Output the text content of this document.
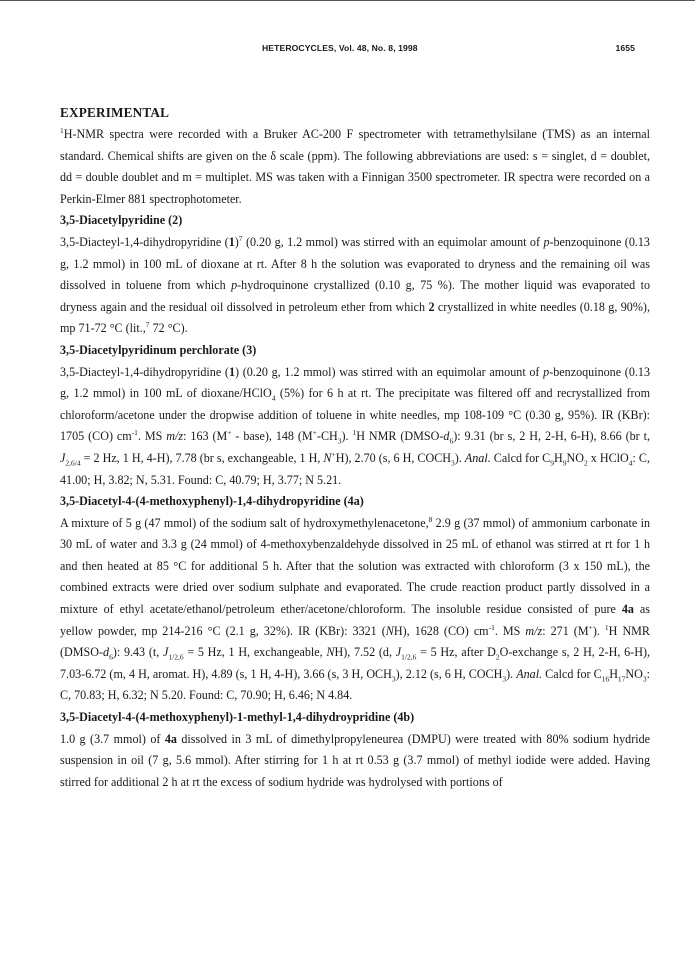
HETEROCYCLES, Vol. 48, No. 8, 1998	1655
EXPERIMENTAL

$^1$H-NMR spectra were recorded with a Bruker AC-200 F spectrometer with tetramethylsilane (TMS) as an internal standard. Chemical shifts are given on the δ scale (ppm). The following abbreviations are used: s = singlet, d = doublet, dd = double doublet and m = multiplet. MS was taken with a Finnigan 3500 spectrometer. IR spectra were recorded on a Perkin-Elmer 881 spectrophotometer.

3,5-Diacetylpyridine (2)

3,5-Diacteyl-1,4-dihydropyridine $(1)^7$ (0.20 g, 1.2 mmol) was stirred with an equimolar amount of p-benzoquinone (0.13 g, 1.2 mmol) in 100 mL of dioxane at rt. After 8 h the solution was evaporated to dryness and the remaining oil was dissolved in toluene from which p-hydroquinone crystallized (0.10 g, 75 %). The mother liquid was evaporated to dryness again and the residual oil dissolved in petroleum ether from which 2 crystallized in white needles (0.18 g, 90%), mp 71-72 °C (lit.,$^7$ 72 °C).

3,5-Diacetylpyridinum perchlorate (3)

3,5-Diacteyl-1,4-dihydropyridine (1) (0.20 g, 1.2 mmol) was stirred with an equimolar amount of p-benzoquinone (0.13 g, 1.2 mmol) in 100 mL of dioxane/HClO$_4$ (5%) for 6 h at rt. The precipitate was filtered off and recrystallized from chloroform/acetone under the dropwise addition of toluene in white needles, mp 108-109 °C (0.30 g, 95%). IR (KBr): 1705 (CO) $cm^{-1}$. MS m/z: 163 (M+ - base), 148 $(M^+-CH_3)$. $^1$H NMR $(DMSO-d_6)$: 9.31 (br s, 2 H, 2-H, 6-H), 8.66 (br t, $J_{2,6/4} = 2$ Hz, 1 H, 4-H), 7.78 (br s, exchangeable, 1 H, N+H), 2.70 (s, 6 H, $COCH_3$). Anal. Calcd for $C_9H_9NO_2$ x HClO$_4$: C, 41.00; H, 3.82; N, 5.31. Found: C, 40.79; H, 3.77; N 5.21.

3,5-Diacetyl-4-(4-methoxyphenyl)-1,4-dihydropyridine (4a)

A mixture of 5 g (47 mmol) of the sodium salt of hydroxymethylenacetone,$^8$ 2.9 g (37 mmol) of ammonium carbonate in 30 mL of water and 3.3 g (24 mmol) of 4-methoxybenzaldehyde dissolved in 25 mL of ethanol was stirred at rt for 1 h and then heated at 85 °C for additional 5 h. After that the solution was extracted with chloroform (3 x 150 mL), the combined extracts were dried over sodium sulphate and evaporated. The crude reaction product partly dissolved in a mixture of ethyl acetate/ethanol/petroleum ether/acetone/chloroform. The insoluble residue consisted of pure 4a as yellow powder, mp 214-216 °C (2.1 g, 32%). IR (KBr): 3321 (NH), 1628 (CO) $cm^{-1}$. MS m/z: 271 (M+). $^1$H NMR $(DMSO-d_6)$: 9.43 (t, $J_{1/2,6} = 5$ Hz, 1 H, exchangeable, NH), 7.52 (d, $J_{1/2,6} = 5$ Hz, after $D_2O$-exchange s, 2 H, 2-H, 6-H), 7.03-6.72 (m, 4 H, aromat. H), 4.89 (s, 1 H, 4-H), 3.66 (s, 3 H, $OCH_3$), 2.12 (s, 6 H, $COCH_3$). Anal. Calcd for $C_{16}H_{17}NO_3$: C, 70.83; H, 6.32; N 5.20. Found: C, 70.90; H, 6.46; N 4.84.

3,5-Diacetyl-4-(4-methoxyphenyl)-1-methyl-1,4-dihydroypridine (4b)

1.0 g (3.7 mmol) of 4a dissolved in 3 mL of dimethylpropyleneurea (DMPU) were treated with 80% sodium hydride suspension in oil (7 g, 5.6 mmol). After stirring for 1 h at rt 0.53 g (3.7 mmol) of methyl iodide were added. Having stirred for additional 2 h at rt the excess of sodium hydride was hydrolysed with portions of
